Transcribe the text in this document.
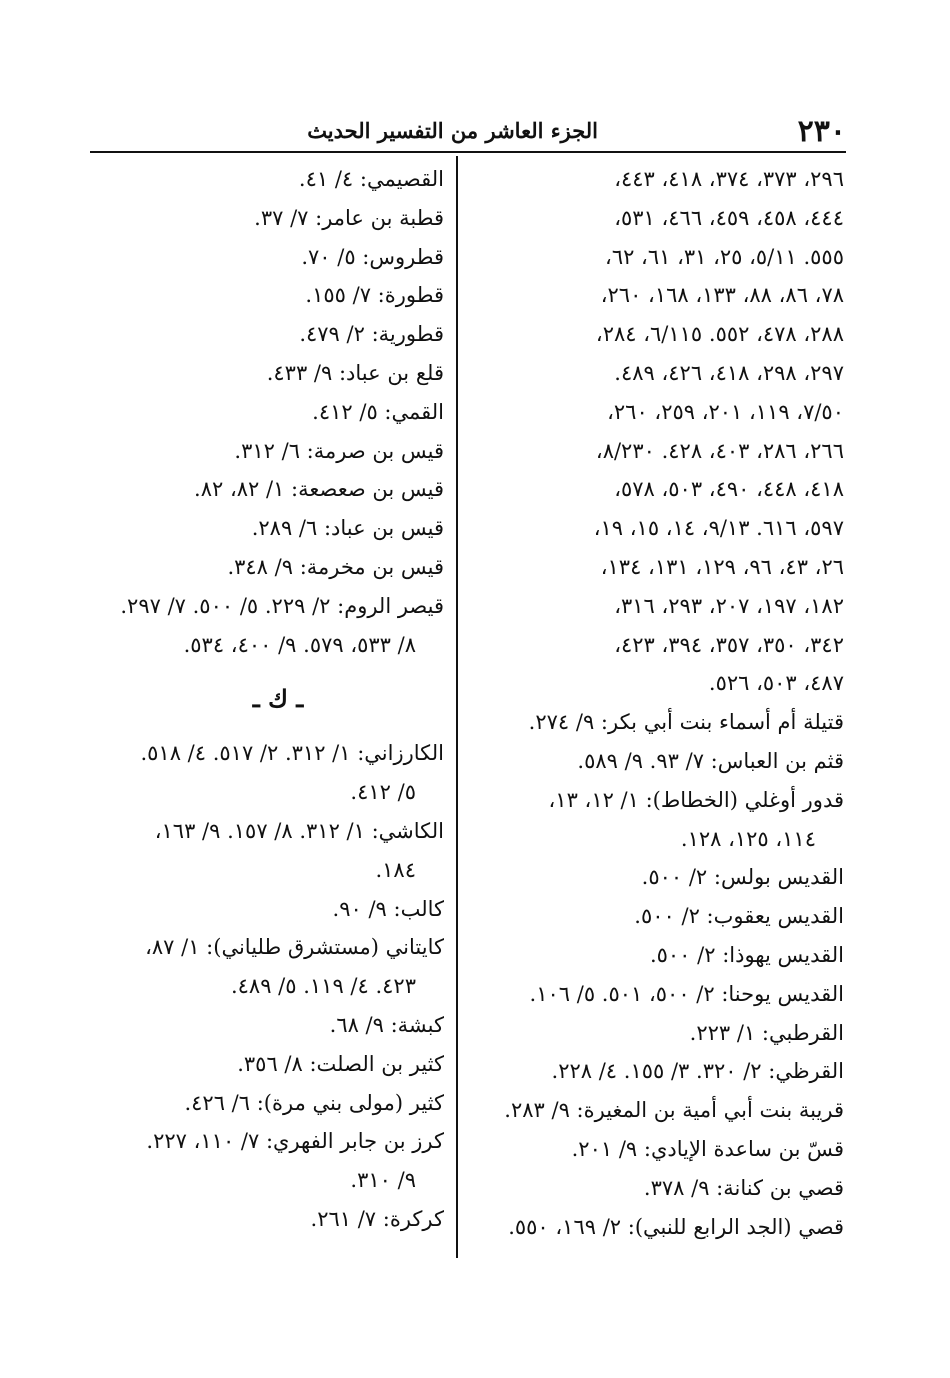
٢٣٠
الجزء العاشر من التفسير الحديث
٢٩٦، ٣٧٣، ٣٧٤، ٤١٨، ٤٤٣،
٤٤٤، ٤٥٨، ٤٥٩، ٤٦٦، ٥٣١،
٥٥٥. ٥/١١، ٢٥، ٣١، ٦١، ٦٢،
٧٨، ٨٦، ٨٨، ١٣٣، ١٦٨، ٢٦٠،
٢٨٨، ٤٧٨، ٥٥٢. ٦/١١٥، ٢٨٤،
٢٩٧، ٢٩٨، ٤١٨، ٤٢٦، ٤٨٩.
٧/٥٠، ١١٩، ٢٠١، ٢٥٩، ٢٦٠،
٢٦٦، ٢٨٦، ٤٠٣، ٤٢٨. ٨/٢٣٠،
٤١٨، ٤٤٨، ٤٩٠، ٥٠٣، ٥٧٨،
٥٩٧، ٦١٦. ٩/١٣، ١٤، ١٥، ١٩،
٢٦، ٤٣، ٩٦، ١٢٩، ١٣١، ١٣٤،
١٨٢، ١٩٧، ٢٠٧، ٢٩٣، ٣١٦،
٣٤٢، ٣٥٠، ٣٥٧، ٣٩٤، ٤٢٣،
٤٨٧، ٥٠٣، ٥٢٦.
قتيلة أم أسماء بنت أبي بكر: ٩/ ٢٧٤.
قثم بن العباس: ٧/ ٩٣. ٩/ ٥٨٩.
قدور أوغلي (الخطاط): ١/ ١٢، ١٣،
١١٤، ١٢٥، ١٢٨.
القديس بولس: ٢/ ٥٠٠.
القديس يعقوب: ٢/ ٥٠٠.
القديس يهوذا: ٢/ ٥٠٠.
القديس يوحنا: ٢/ ٥٠٠، ٥٠١. ٥/ ١٠٦.
القرطبي: ١/ ٢٢٣.
القرظي: ٢/ ٣٢٠. ٣/ ١٥٥. ٤/ ٢٢٨.
قريبة بنت أبي أمية بن المغيرة: ٩/ ٢٨٣.
قسّ بن ساعدة الإيادي: ٩/ ٢٠١.
قصي بن كنانة: ٩/ ٣٧٨.
قصي (الجد الرابع للنبي): ٢/ ١٦٩، ٥٥٠.
القصيمي: ٤/ ٤١.
قطبة بن عامر: ٧/ ٣٧.
قطروس: ٥/ ٧٠.
قطورة: ٧/ ١٥٥.
قطورية: ٢/ ٤٧٩.
قلع بن عباد: ٩/ ٤٣٣.
القمي: ٥/ ٤١٢.
قيس بن صرمة: ٦/ ٣١٢.
قيس بن صعصعة: ١/ ٨٢، ٨٢.
قيس بن عباد: ٦/ ٢٨٩.
قيس بن مخرمة: ٩/ ٣٤٨.
قيصر الروم: ٢/ ٢٢٩. ٥/ ٥٠٠. ٧/ ٢٩٧.
٨/ ٥٣٣، ٥٧٩. ٩/ ٤٠٠، ٥٣٤.
ـ ك ـ
الكارزاني: ١/ ٣١٢. ٢/ ٥١٧. ٤/ ٥١٨.
٥/ ٤١٢.
الكاشي: ١/ ٣١٢. ٨/ ١٥٧. ٩/ ١٦٣،
١٨٤.
كالب: ٩/ ٩٠.
كايتاني (مستشرق طلياني): ١/ ٨٧،
٤٢٣. ٤/ ١١٩. ٥/ ٤٨٩.
كبشة: ٩/ ٦٨.
كثير بن الصلت: ٨/ ٣٥٦.
كثير (مولى بني مرة): ٦/ ٤٢٦.
كرز بن جابر الفهري: ٧/ ١١٠، ٢٢٧.
٩/ ٣١٠.
كركرة: ٧/ ٢٦١.
